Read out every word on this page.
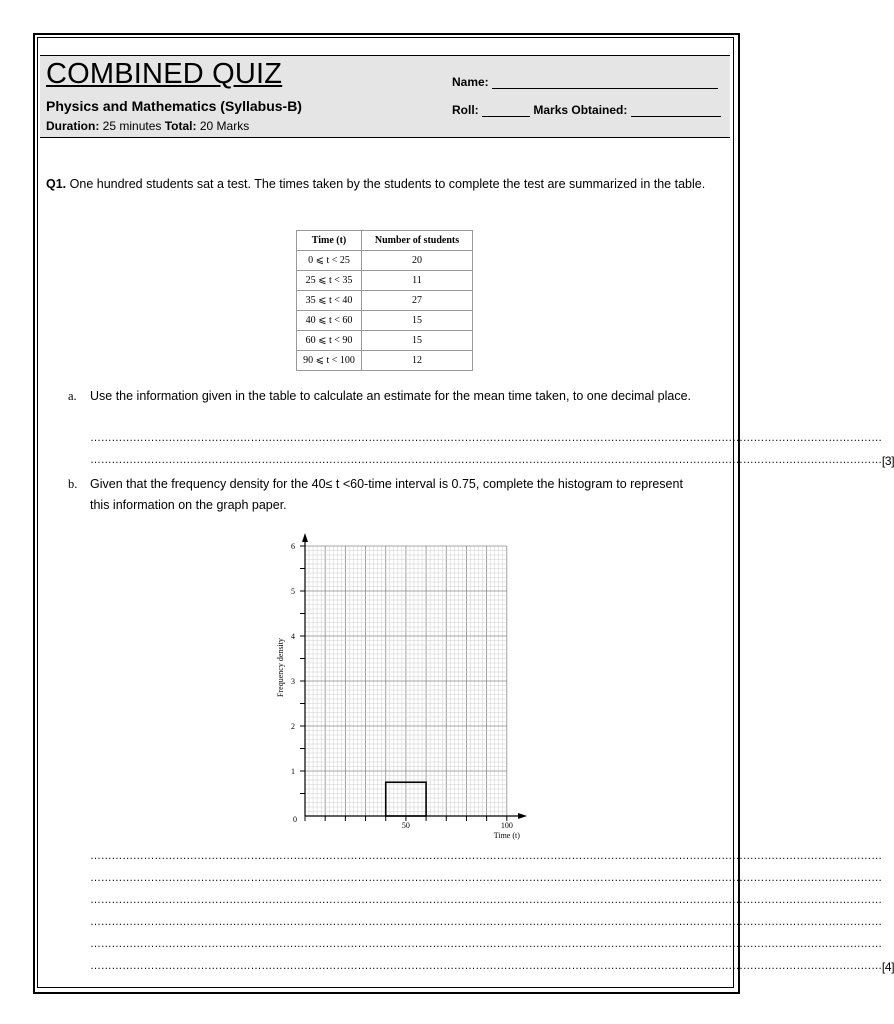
COMBINED QUIZ
Physics and Mathematics (Syllabus-B)
Duration: 25 minutes Total: 20 Marks
Name:
Roll:	Marks Obtained:
Q1. One hundred students sat a test. The times taken by the students to complete the test are summarized in the table.
Time (t)	Number of students
0 ⩽ t < 25	20
25 ⩽ t < 35	11
35 ⩽ t < 40	27
40 ⩽ t < 60	15
60 ⩽ t < 90	15
90 ⩽ t < 100	12
a. Use the information given in the table to calculate an estimate for the mean time taken, to one decimal place.
……………………………………………………………………………………………………………………………………………………………………………………………………
…………………………………………………………………………………………………………………………………………………………………………………………………… [3]
b. Given that the frequency density for the 40≤ t <60-time interval is 0.75, complete the histogram to represent this information on the graph paper.
0
50	100
1
2
3
4
5
6
Time (t)
Frequency density
……………………………………………………………………………………………………………………………………………………………………………………………………
……………………………………………………………………………………………………………………………………………………………………………………………………
……………………………………………………………………………………………………………………………………………………………………………………………………
……………………………………………………………………………………………………………………………………………………………………………………………………
……………………………………………………………………………………………………………………………………………………………………………………………………
…………………………………………………………………………………………………………………………………………………………………………………………………… [4]
